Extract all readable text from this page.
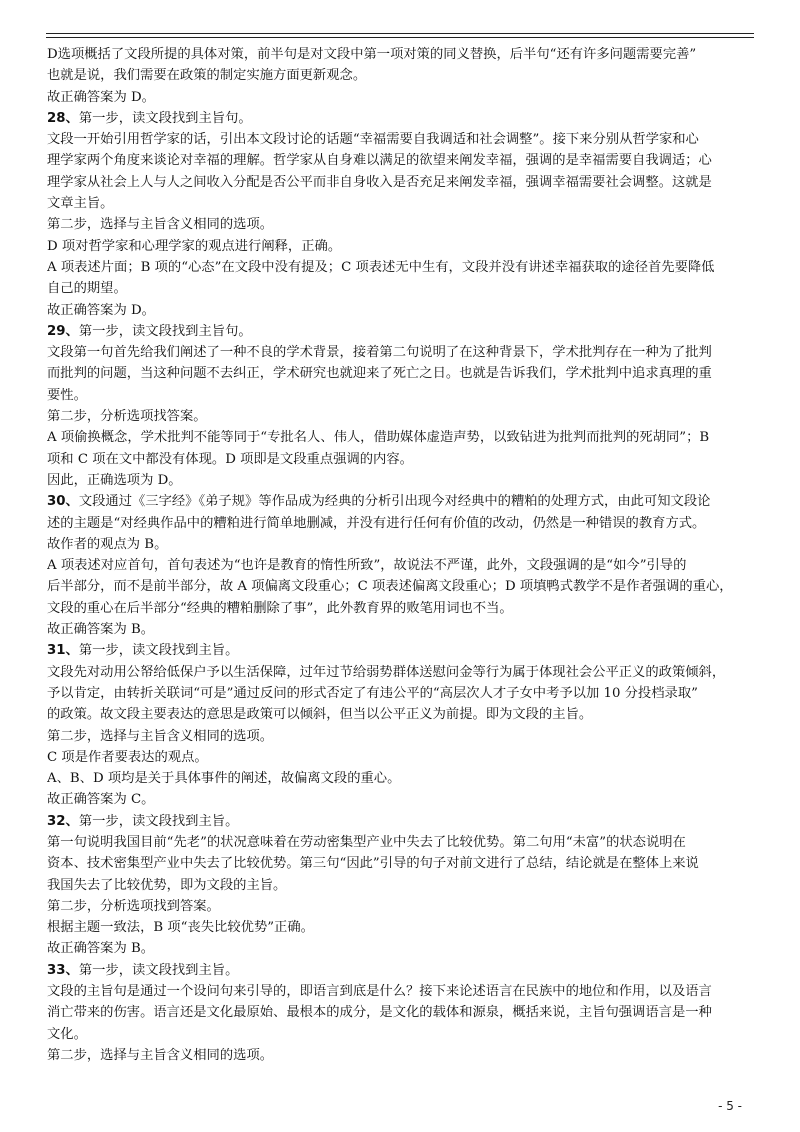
D选项概括了文段所提的具体对策，前半句是对文段中第一项对策的同义替换，后半句“还有许多问题需要完善”
也就是说，我们需要在政策的制定实施方面更新观念。
故正确答案为 D。
28、第一步，读文段找到主旨句。
文段一开始引用哲学家的话，引出本文段讨论的话题“幸福需要自我调适和社会调整”。接下来分别从哲学家和心
理学家两个角度来谈论对幸福的理解。哲学家从自身难以满足的欲望来阐发幸福，强调的是幸福需要自我调适；心
理学家从社会上人与人之间收入分配是否公平而非自身收入是否充足来阐发幸福，强调幸福需要社会调整。这就是
文章主旨。
第二步，选择与主旨含义相同的选项。
D 项对哲学家和心理学家的观点进行阐释，正确。
A 项表述片面；B 项的“心态”在文段中没有提及；C 项表述无中生有，文段并没有讲述幸福获取的途径首先要降低
自己的期望。
故正确答案为 D。
29、第一步，读文段找到主旨句。
文段第一句首先给我们阐述了一种不良的学术背景，接着第二句说明了在这种背景下，学术批判存在一种为了批判
而批判的问题，当这种问题不去纠正，学术研究也就迎来了死亡之日。也就是告诉我们，学术批判中追求真理的重
要性。
第二步，分析选项找答案。
A 项偷换概念，学术批判不能等同于“专批名人、伟人，借助媒体虚造声势，以致钻进为批判而批判的死胡同”；B
项和 C 项在文中都没有体现。D 项即是文段重点强调的内容。
因此，正确选项为 D。
30、文段通过《三字经》《弟子规》等作品成为经典的分析引出现今对经典中的糟粕的处理方式，由此可知文段论
述的主题是“对经典作品中的糟粕进行简单地删减，并没有进行任何有价值的改动，仍然是一种错误的教育方式。
故作者的观点为 B。
A 项表述对应首句，首句表述为“也许是教育的惰性所致”，故说法不严谨，此外，文段强调的是“如今”引导的
后半部分，而不是前半部分，故 A 项偏离文段重心；C 项表述偏离文段重心；D 项填鸭式教学不是作者强调的重心，
文段的重心在后半部分“经典的糟粕删除了事”，此外教育界的败笔用词也不当。
故正确答案为 B。
31、第一步，读文段找到主旨。
文段先对动用公帑给低保户予以生活保障，过年过节给弱势群体送慰问金等行为属于体现社会公平正义的政策倾斜，
予以肯定，由转折关联词“可是”通过反问的形式否定了有违公平的“高层次人才子女中考予以加 10 分投档录取”
的政策。故文段主要表达的意思是政策可以倾斜，但当以公平正义为前提。即为文段的主旨。
第二步，选择与主旨含义相同的选项。
C 项是作者要表达的观点。
A、B、D 项均是关于具体事件的阐述，故偏离文段的重心。
故正确答案为 C。
32、第一步，读文段找到主旨。
第一句说明我国目前“先老”的状况意味着在劳动密集型产业中失去了比较优势。第二句用“未富”的状态说明在
资本、技术密集型产业中失去了比较优势。第三句“因此”引导的句子对前文进行了总结，结论就是在整体上来说
我国失去了比较优势，即为文段的主旨。
第二步，分析选项找到答案。
根据主题一致法，B 项“丧失比较优势”正确。
故正确答案为 B。
33、第一步，读文段找到主旨。
文段的主旨句是通过一个设问句来引导的，即语言到底是什么？接下来论述语言在民族中的地位和作用，以及语言
消亡带来的伤害。语言还是文化最原始、最根本的成分，是文化的载体和源泉，概括来说，主旨句强调语言是一种
文化。
第二步，选择与主旨含义相同的选项。
- 5 -
